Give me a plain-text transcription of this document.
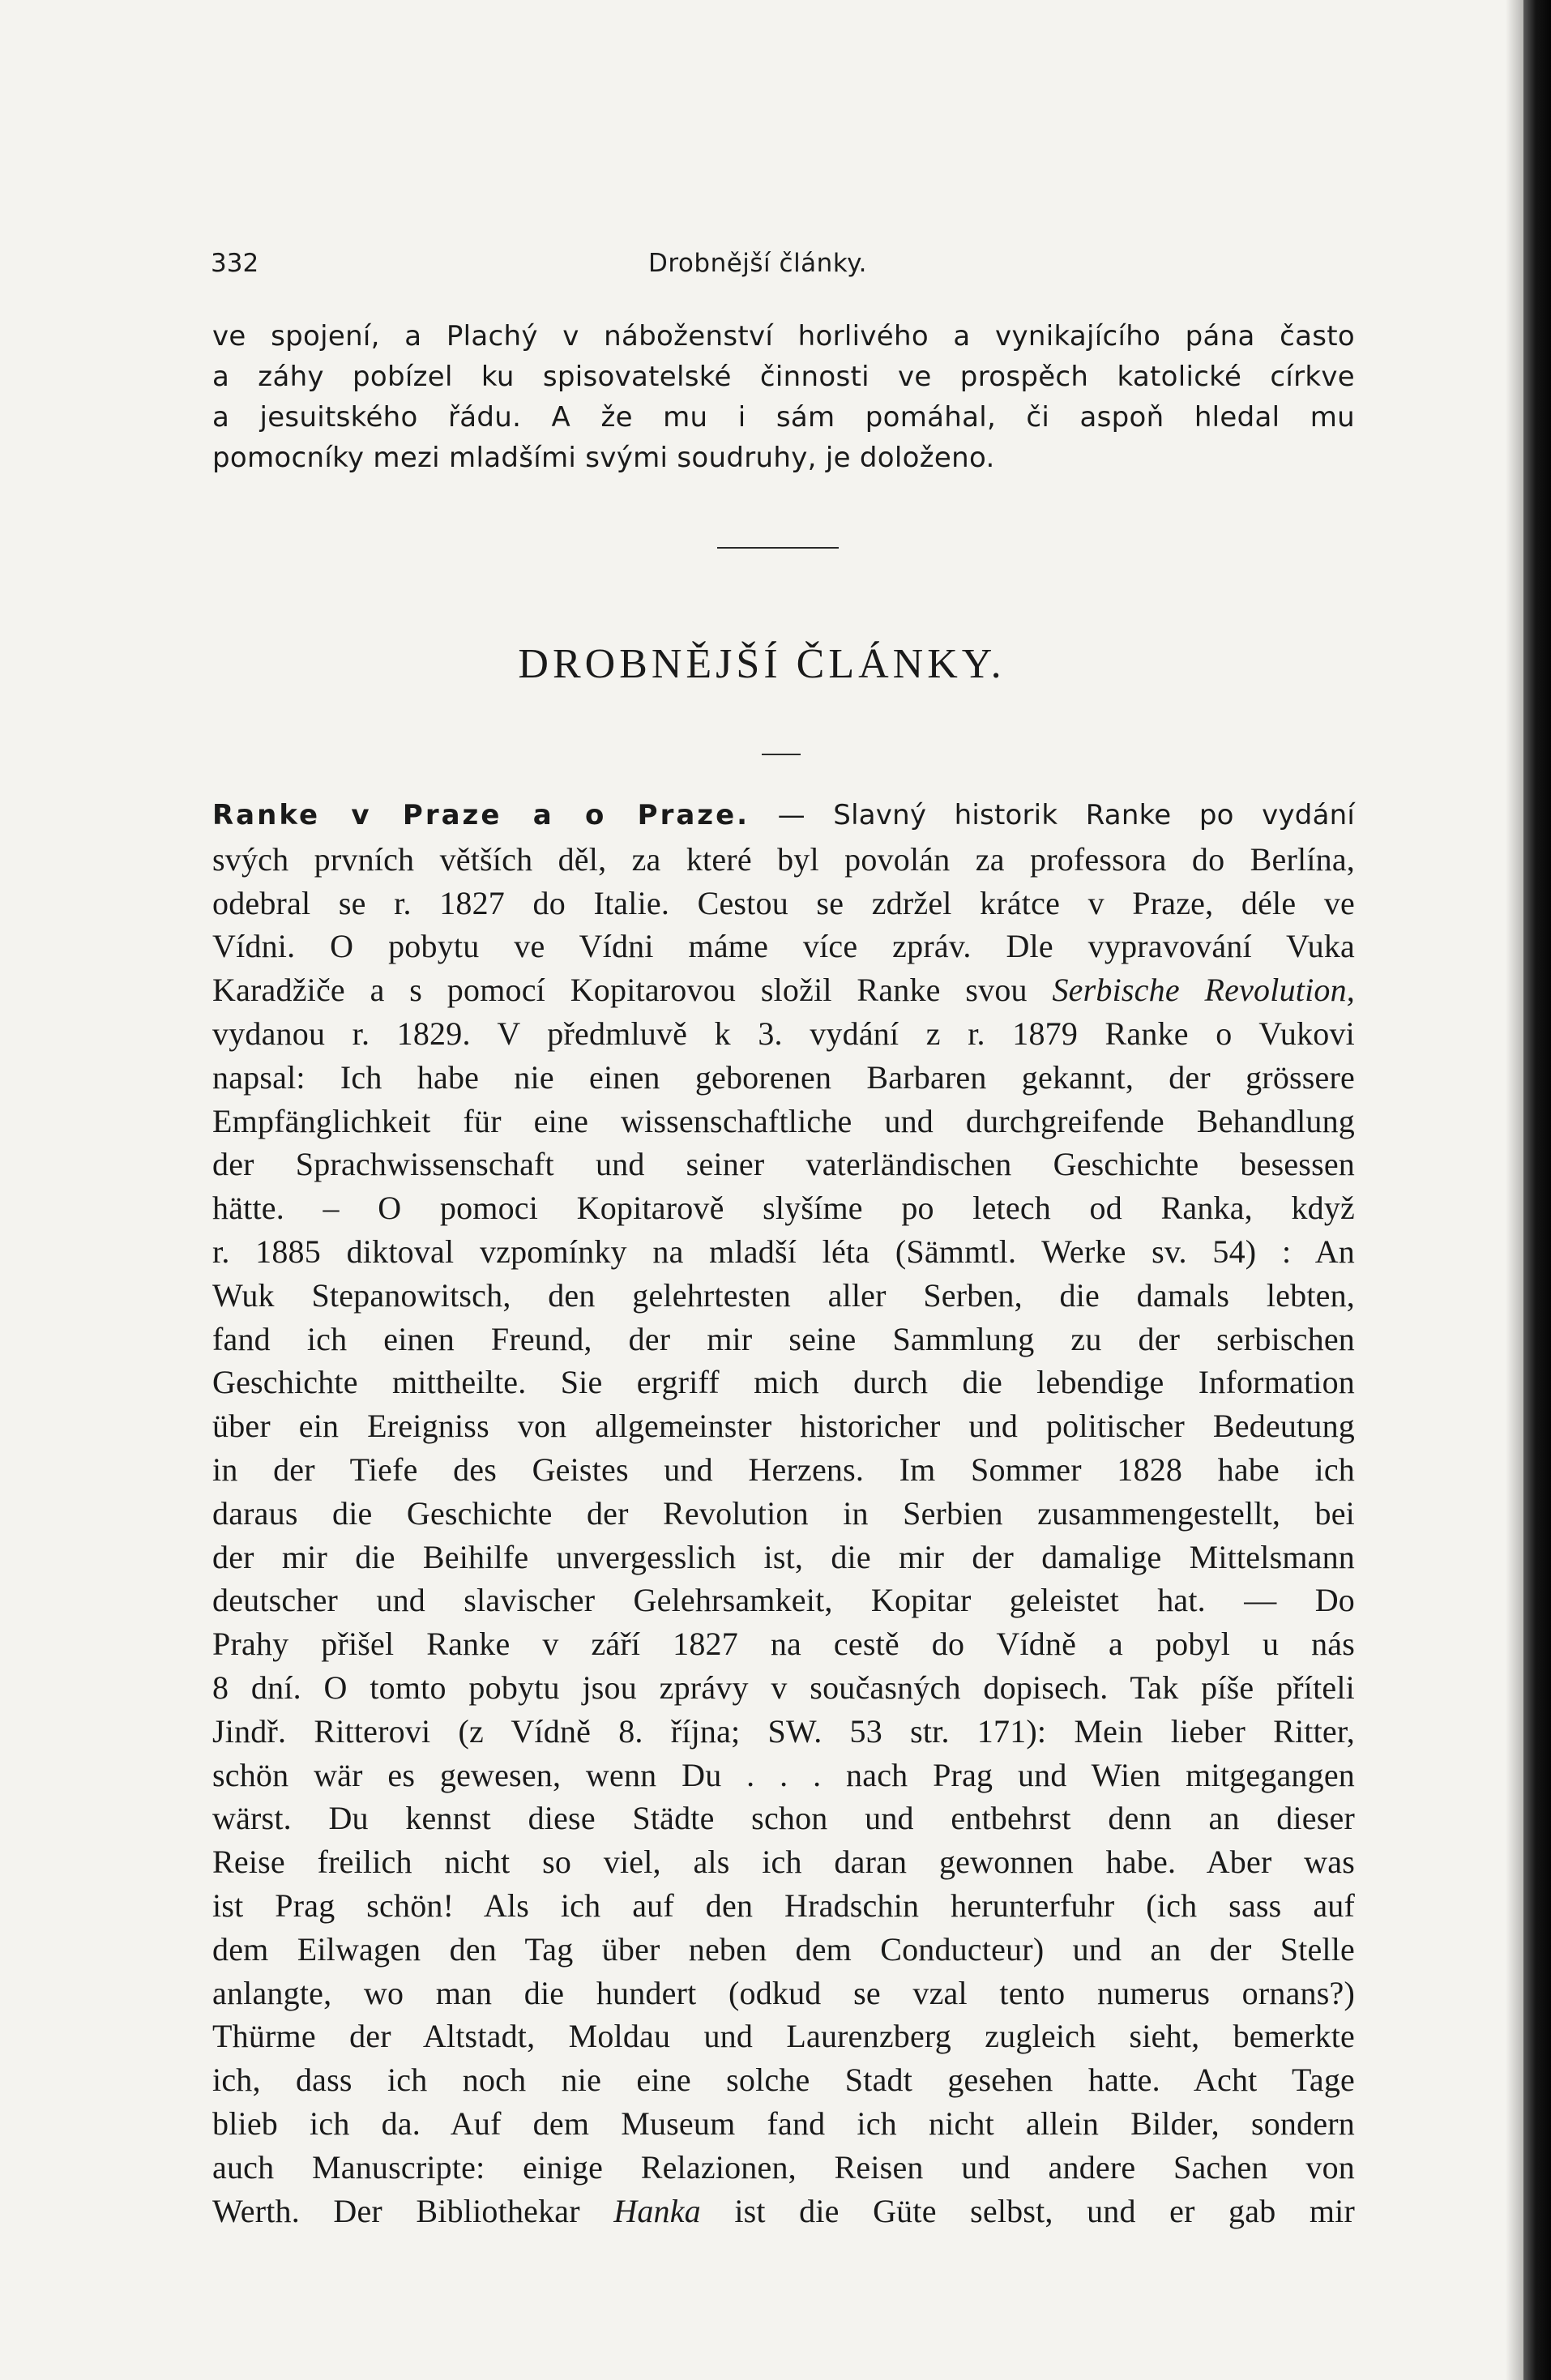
332	Drobnější články.
ve spojení, a Plachý v náboženství horlivého a vynikajícího pána často
a záhy pobízel ku spisovatelské činnosti ve prospěch katolické církve
a jesuitského řádu. A že mu i sám pomáhal, či aspoň hledal mu
pomocníky mezi mladšími svými soudruhy, je doloženo.
DROBNĚJŠÍ ČLÁNKY.
Ranke v Praze a o Praze. — Slavný historik Ranke po vydání
svých prvních větších děl, za které byl povolán za professora do Berlína,
odebral se r. 1827 do Italie. Cestou se zdržel krátce v Praze, déle ve
Vídni. O pobytu ve Vídni máme více zpráv. Dle vypravování Vuka
Karadžiče a s pomocí Kopitarovou složil Ranke svou Serbische Revolution,
vydanou r. 1829. V předmluvě k 3. vydání z r. 1879 Ranke o Vukovi
napsal: Ich habe nie einen geborenen Barbaren gekannt, der grössere
Empfänglichkeit für eine wissenschaftliche und durchgreifende Behandlung
der Sprachwissenschaft und seiner vaterländischen Geschichte besessen
hätte. – O pomoci Kopitarově slyšíme po letech od Ranka, když
r. 1885 diktoval vzpomínky na mladší léta (Sämmtl. Werke sv. 54) : An
Wuk Stepanowitsch, den gelehrtesten aller Serben, die damals lebten,
fand ich einen Freund, der mir seine Sammlung zu der serbischen
Geschichte mittheilte. Sie ergriff mich durch die lebendige Information
über ein Ereigniss von allgemeinster historicher und politischer Bedeutung
in der Tiefe des Geistes und Herzens. Im Sommer 1828 habe ich
daraus die Geschichte der Revolution in Serbien zusammengestellt, bei
der mir die Beihilfe unvergesslich ist, die mir der damalige Mittelsmann
deutscher und slavischer Gelehrsamkeit, Kopitar geleistet hat. — Do
Prahy přišel Ranke v září 1827 na cestě do Vídně a pobyl u nás
8 dní. O tomto pobytu jsou zprávy v současných dopisech. Tak píše příteli
Jindř. Ritterovi (z Vídně 8. října; SW. 53 str. 171): Mein lieber Ritter,
schön wär es gewesen, wenn Du . . . nach Prag und Wien mitgegangen
wärst. Du kennst diese Städte schon und entbehrst denn an dieser
Reise freilich nicht so viel, als ich daran gewonnen habe. Aber was
ist Prag schön! Als ich auf den Hradschin herunterfuhr (ich sass auf
dem Eilwagen den Tag über neben dem Conducteur) und an der Stelle
anlangte, wo man die hundert (odkud se vzal tento numerus ornans?)
Thürme der Altstadt, Moldau und Laurenzberg zugleich sieht, bemerkte
ich, dass ich noch nie eine solche Stadt gesehen hatte. Acht Tage
blieb ich da. Auf dem Museum fand ich nicht allein Bilder, sondern
auch Manuscripte: einige Relazionen, Reisen und andere Sachen von
Werth. Der Bibliothekar Hanka ist die Güte selbst, und er gab mir
